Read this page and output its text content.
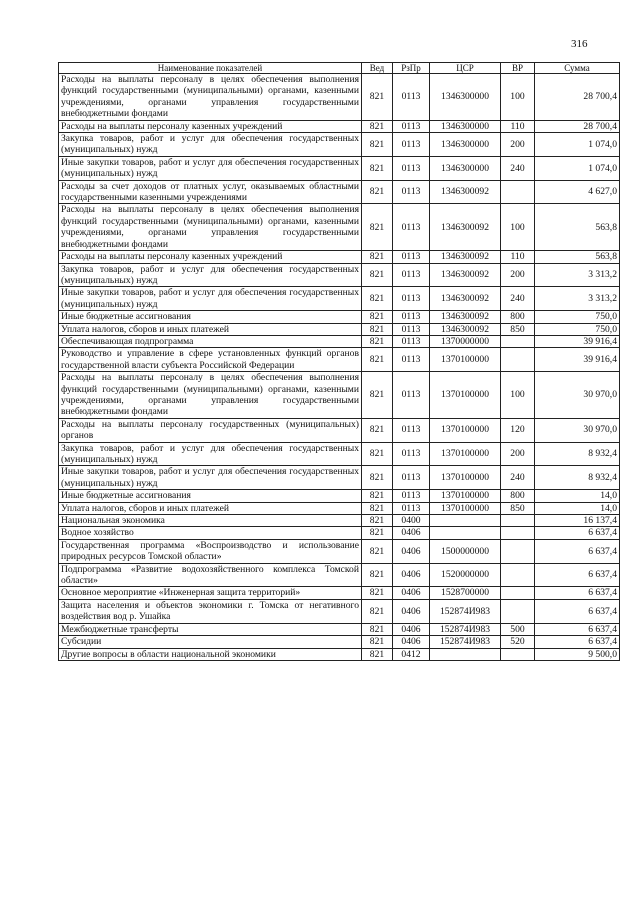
316
Наименование показателей	Вед	РзПр	ЦСР	ВР	Сумма
Расходы на выплаты персоналу в целях обеспечения выполнения функций государственными (муниципальными) органами, казенными учреждениями, органами управления государственными внебюджетными фондами	821	0113	1346300000	100	28 700,4
Расходы на выплаты персоналу казенных учреждений	821	0113	1346300000	110	28 700,4
Закупка товаров, работ и услуг для обеспечения государственных (муниципальных) нужд	821	0113	1346300000	200	1 074,0
Иные закупки товаров, работ и услуг для обеспечения государственных (муниципальных) нужд	821	0113	1346300000	240	1 074,0
Расходы за счет доходов от платных услуг, оказываемых областными государственными казенными учреждениями	821	0113	1346300092		4 627,0
Расходы на выплаты персоналу в целях обеспечения выполнения функций государственными (муниципальными) органами, казенными учреждениями, органами управления государственными внебюджетными фондами	821	0113	1346300092	100	563,8
Расходы на выплаты персоналу казенных учреждений	821	0113	1346300092	110	563,8
Закупка товаров, работ и услуг для обеспечения государственных (муниципальных) нужд	821	0113	1346300092	200	3 313,2
Иные закупки товаров, работ и услуг для обеспечения государственных (муниципальных) нужд	821	0113	1346300092	240	3 313,2
Иные бюджетные ассигнования	821	0113	1346300092	800	750,0
Уплата налогов, сборов и иных платежей	821	0113	1346300092	850	750,0
Обеспечивающая подпрограмма	821	0113	1370000000		39 916,4
Руководство и управление в сфере установленных функций органов государственной власти субъекта Российской Федерации	821	0113	1370100000		39 916,4
Расходы на выплаты персоналу в целях обеспечения выполнения функций государственными (муниципальными) органами, казенными учреждениями, органами управления государственными внебюджетными фондами	821	0113	1370100000	100	30 970,0
Расходы на выплаты персоналу государственных (муниципальных) органов	821	0113	1370100000	120	30 970,0
Закупка товаров, работ и услуг для обеспечения государственных (муниципальных) нужд	821	0113	1370100000	200	8 932,4
Иные закупки товаров, работ и услуг для обеспечения государственных (муниципальных) нужд	821	0113	1370100000	240	8 932,4
Иные бюджетные ассигнования	821	0113	1370100000	800	14,0
Уплата налогов, сборов и иных платежей	821	0113	1370100000	850	14,0
Национальная экономика	821	0400			16 137,4
Водное хозяйство	821	0406			6 637,4
Государственная программа «Воспроизводство и использование природных ресурсов Томской области»	821	0406	1500000000		6 637,4
Подпрограмма «Развитие водохозяйственного комплекса Томской области»	821	0406	1520000000		6 637,4
Основное мероприятие «Инженерная защита территорий»	821	0406	1528700000		6 637,4
Защита населения и объектов экономики г. Томска от негативного воздействия вод р. Ушайка	821	0406	152874И983		6 637,4
Межбюджетные трансферты	821	0406	152874И983	500	6 637,4
Субсидии	821	0406	152874И983	520	6 637,4
Другие вопросы в области национальной экономики	821	0412			9 500,0
